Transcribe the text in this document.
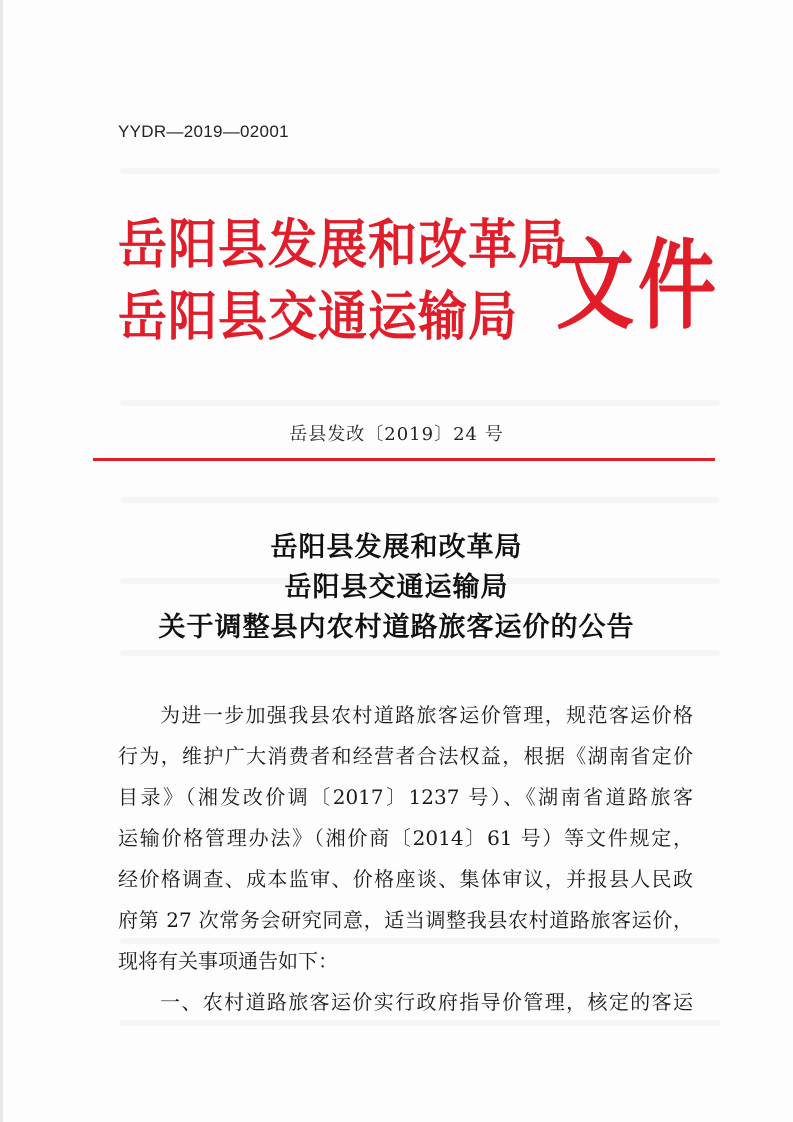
YYDR—2019—02001
岳阳县发展和改革局
岳阳县交通运输局 文件
岳县发改〔2019〕24 号
岳阳县发展和改革局
岳阳县交通运输局
关于调整县内农村道路旅客运价的公告
为进一步加强我县农村道路旅客运价管理，规范客运价格
行为，维护广大消费者和经营者合法权益，根据《湖南省定价
目录》（湘发改价调〔2017〕1237 号）、《湖南省道路旅客
运输价格管理办法》（湘价商〔2014〕61 号）等文件规定，
经价格调查、成本监审、价格座谈、集体审议，并报县人民政
府第 27 次常务会研究同意，适当调整我县农村道路旅客运价，
现将有关事项通告如下：
一、农村道路旅客运价实行政府指导价管理，核定的客运
